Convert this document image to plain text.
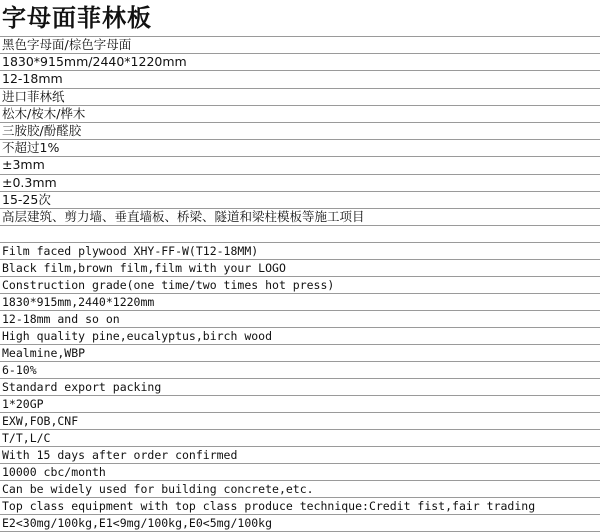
字母面菲林板
黑色字母面/棕色字母面
1830*915mm/2440*1220mm
12-18mm
进口菲林纸
松木/桉木/桦木
三胺胶/酚醛胶
不超过1%
±3mm
±0.3mm
15-25次
高层建筑、剪力墙、垂直墙板、桥梁、隧道和梁柱模板等施工项目
Film faced plywood XHY-FF-W(T12-18MM)
Black film,brown film,film with your LOGO
Construction grade(one time/two times hot press)
1830*915mm,2440*1220mm
12-18mm and so on
High quality pine,eucalyptus,birch wood
Mealmine,WBP
6-10%
Standard export packing
1*20GP
EXW,FOB,CNF
T/T,L/C
With 15 days after order confirmed
10000 cbc/month
Can be widely used for building concrete,etc.
Top class equipment with top class produce technique:Credit fist,fair trading
E2<30mg/100kg,E1<9mg/100kg,E0<5mg/100kg
